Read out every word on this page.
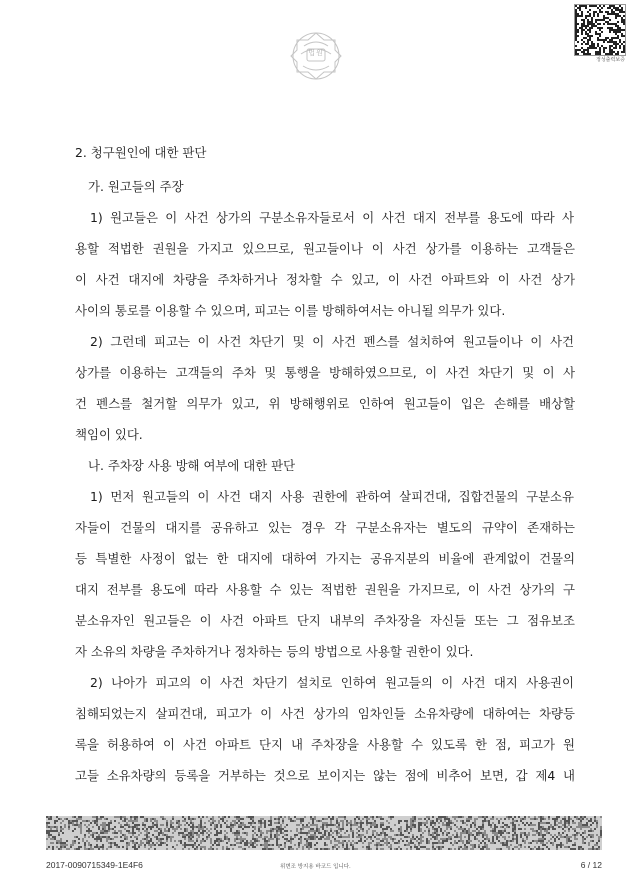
법원
정성출력보증
2. 청구원인에 대한 판단
가. 원고들의 주장
1) 원고들은 이 사건 상가의 구분소유자들로서 이 사건 대지 전부를 용도에 따라 사
용할 적법한 권원을 가지고 있으므로, 원고들이나 이 사건 상가를 이용하는 고객들은
이 사건 대지에 차량을 주차하거나 정차할 수 있고, 이 사건 아파트와 이 사건 상가
사이의 통로를 이용할 수 있으며, 피고는 이를 방해하여서는 아니될 의무가 있다.
2) 그런데 피고는 이 사건 차단기 및 이 사건 펜스를 설치하여 원고들이나 이 사건
상가를 이용하는 고객들의 주차 및 통행을 방해하였으므로, 이 사건 차단기 및 이 사
건 펜스를 철거할 의무가 있고, 위 방해행위로 인하여 원고들이 입은 손해를 배상할
책임이 있다.
나. 주차장 사용 방해 여부에 대한 판단
1) 먼저 원고들의 이 사건 대지 사용 권한에 관하여 살피건대, 집합건물의 구분소유
자들이 건물의 대지를 공유하고 있는 경우 각 구분소유자는 별도의 규약이 존재하는
등 특별한 사정이 없는 한 대지에 대하여 가지는 공유지분의 비율에 관계없이 건물의
대지 전부를 용도에 따라 사용할 수 있는 적법한 권원을 가지므로, 이 사건 상가의 구
분소유자인 원고들은 이 사건 아파트 단지 내부의 주차장을 자신들 또는 그 점유보조
자 소유의 차량을 주차하거나 정차하는 등의 방법으로 사용할 권한이 있다.
2) 나아가 피고의 이 사건 차단기 설치로 인하여 원고들의 이 사건 대지 사용권이
침해되었는지 살피건대, 피고가 이 사건 상가의 임차인들 소유차량에 대하여는 차량등
록을 허용하여 이 사건 아파트 단지 내 주차장을 사용할 수 있도록 한 점, 피고가 원
고들 소유차량의 등록을 거부하는 것으로 보이지는 않는 점에 비추어 보면, 갑 제4 내
2017-0090715349-1E4F6	위변조 방지용 바코드 입니다.	6 / 12
